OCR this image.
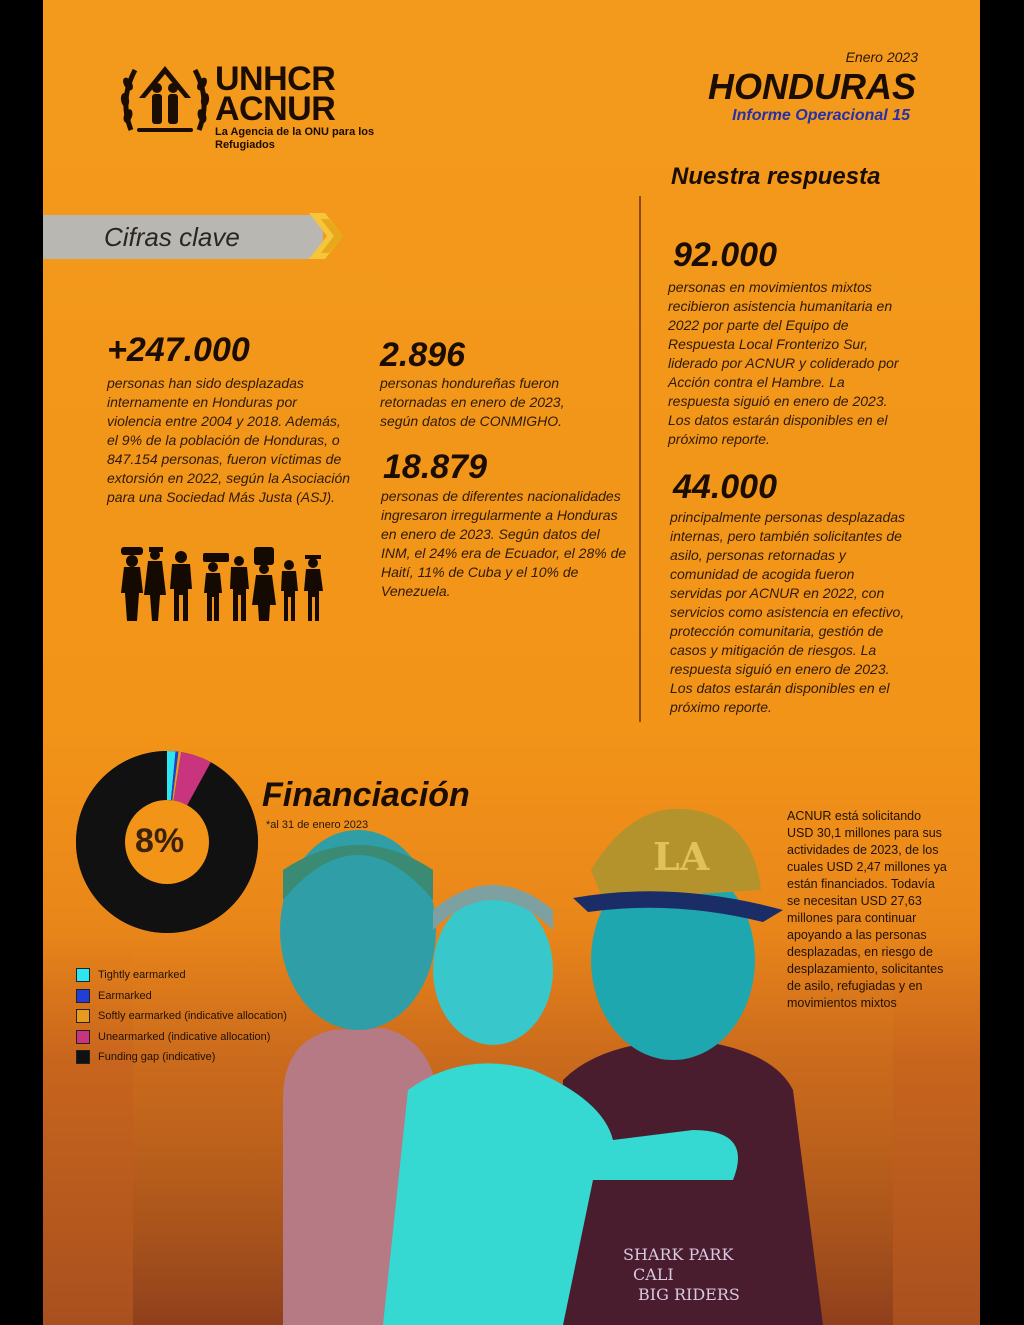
UNHCR
ACNUR
La Agencia de la ONU para los Refugiados
Enero 2023
HONDURAS
Informe Operacional 15
Cifras clave
+247.000
personas han sido desplazadas internamente en Honduras por violencia entre 2004 y 2018. Además, el 9% de la población de Honduras, o 847.154 personas, fueron víctimas de extorsión en 2022, según la Asociación para una Sociedad Más Justa (ASJ).
2.896
personas hondureñas fueron retornadas en enero de 2023, según datos de CONMIGHO.
18.879
personas de diferentes nacionalidades ingresaron irregularmente a Honduras en enero de 2023. Según datos del INM, el 24% era de Ecuador, el 28% de Haití, 11% de Cuba y el 10% de Venezuela.
Nuestra respuesta
92.000
personas en movimientos mixtos recibieron asistencia humanitaria en 2022 por parte del Equipo de Respuesta Local Fronterizo Sur, liderado por ACNUR y coliderado por Acción contra el Hambre. La respuesta siguió en enero de 2023. Los datos estarán disponibles en el próximo reporte.
44.000
principalmente personas desplazadas internas, pero también solicitantes de asilo, personas retornadas y comunidad de acogida fueron servidas por ACNUR en 2022, con servicios como asistencia en efectivo, protección comunitaria, gestión de casos y mitigación de riesgos. La respuesta siguió en enero de 2023. Los datos estarán disponibles en el próximo reporte.
LA
SHARK PARK
CALI
BIG RIDERS
8%
Financiación
*al 31 de enero 2023
ACNUR está solicitando USD 30,1 millones para sus actividades de 2023, de los cuales USD 2,47 millones ya están financiados. Todavía se necesitan USD 27,63 millones para continuar apoyando a las personas desplazadas, en riesgo de desplazamiento, solicitantes de asilo, refugiadas y en movimientos mixtos
Tightly earmarked
Earmarked
Softly earmarked (indicative allocation)
Unearmarked (indicative allocation)
Funding gap (indicative)
